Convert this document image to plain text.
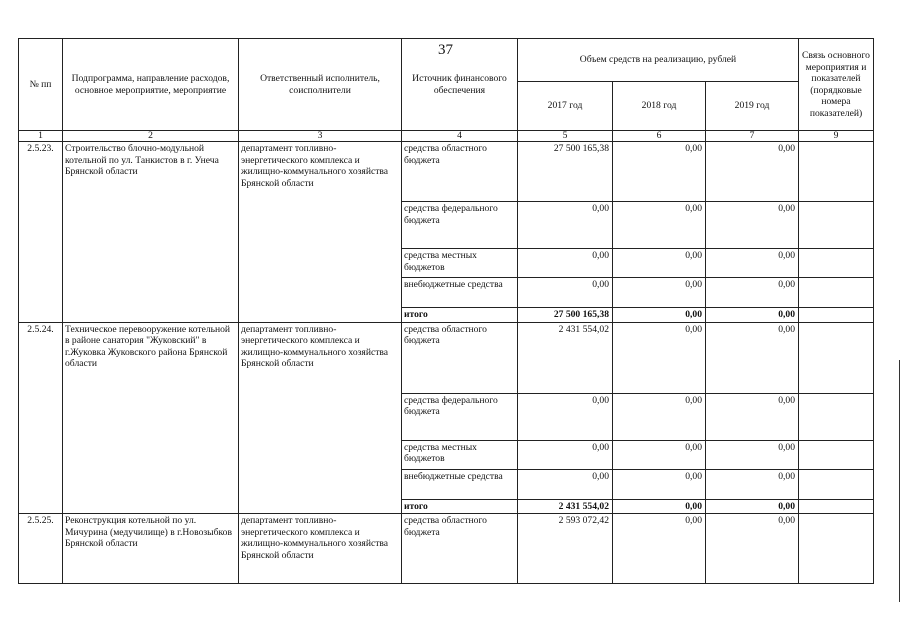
37
№ пп	Подпрограмма, направление расходов, основное мероприятие, мероприятие	Ответственный исполнитель, соисполнители	Источник финансового обеспечения	Объем средств на реализацию, рублей			Связь основного мероприятия и показателей (порядковые номера показателей)
				2017 год	2018 год	2019 год	
1	2	3	4	5	6	7	9
2.5.23.	Строительство блочно-модульной котельной по ул. Танкистов в г. Унеча Брянской области	департамент топливно-энергетического комплекса и жилищно-коммунального хозяйства Брянской области	средства областного бюджета	27 500 165,38	0,00	0,00	
			средства федерального бюджета	0,00	0,00	0,00	
			средства местных бюджетов	0,00	0,00	0,00	
			внебюджетные средства	0,00	0,00	0,00	
			итого	27 500 165,38	0,00	0,00	
2.5.24.	Техническое перевооружение котельной в районе санатория "Жуковский" в г.Жуковка Жуковского района Брянской области	департамент топливно-энергетического комплекса и жилищно-коммунального хозяйства Брянской области	средства областного бюджета	2 431 554,02	0,00	0,00	
			средства федерального бюджета	0,00	0,00	0,00	
			средства местных бюджетов	0,00	0,00	0,00	
			внебюджетные средства	0,00	0,00	0,00	
			итого	2 431 554,02	0,00	0,00	
2.5.25.	Реконструкция котельной по ул. Мичурина (медучилище) в г.Новозыбков Брянской области	департамент топливно-энергетического комплекса и жилищно-коммунального хозяйства Брянской области	средства областного бюджета	2 593 072,42	0,00	0,00	
